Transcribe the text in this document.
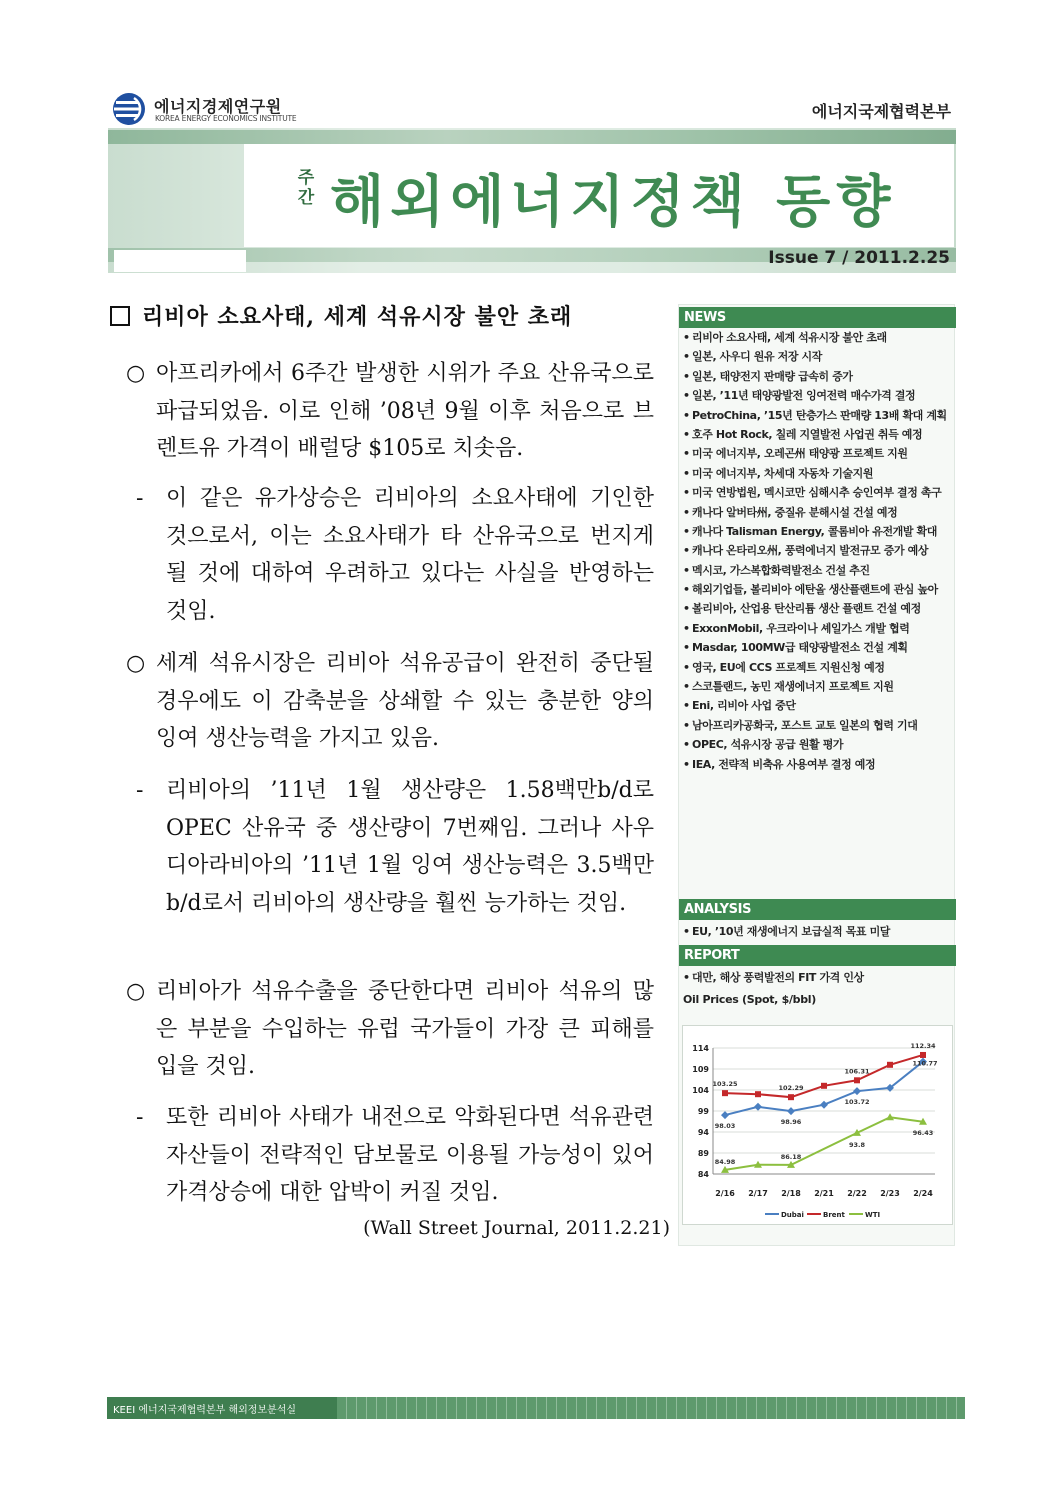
에너지경제연구원
KOREA ENERGY ECONOMICS INSTITUTE	에너지국제협력본부
주간 해외에너지정책 동향
Issue 7 / 2011.2.25
리비아 소요사태, 세계 석유시장 불안 초래
○ 아프리카에서 6주간 발생한 시위가 주요 산유국으로 파급되었음. 이로 인해 ’08년 9월 이후 처음으로 브렌트유 가격이 배럴당 $105로 치솟음.
- 이 같은 유가상승은 리비아의 소요사태에 기인한 것으로서, 이는 소요사태가 타 산유국으로 번지게 될 것에 대하여 우려하고 있다는 사실을 반영하는 것임.
○ 세계 석유시장은 리비아 석유공급이 완전히 중단될 경우에도 이 감축분을 상쇄할 수 있는 충분한 양의 잉여 생산능력을 가지고 있음.
- 리비아의 ’11년 1월 생산량은 1.58백만b/d로 OPEC 산유국 중 생산량이 7번째임. 그러나 사우디아라비아의 ’11년 1월 잉여 생산능력은 3.5백만b/d로서 리비아의 생산량을 훨씬 능가하는 것임.
○ 리비아가 석유수출을 중단한다면 리비아 석유의 많은 부분을 수입하는 유럽 국가들이 가장 큰 피해를 입을 것임.
- 또한 리비아 사태가 내전으로 악화된다면 석유관련 자산들이 전략적인 담보물로 이용될 가능성이 있어 가격상승에 대한 압박이 커질 것임.
(Wall Street Journal, 2011.2.21)
NEWS
• 리비아 소요사태, 세계 석유시장 불안 초래
• 일본, 사우디 원유 저장 시작
• 일본, 태양전지 판매량 급속히 증가
• 일본, ’11년 태양광발전 잉여전력 매수가격 결정
• PetroChina, ’15년 탄층가스 판매량 13배 확대 계획
• 호주 Hot Rock, 칠레 지열발전 사업권 취득 예정
• 미국 에너지부, 오레곤州 태양광 프로젝트 지원
• 미국 에너지부, 차세대 자동차 기술지원
• 미국 연방법원, 멕시코만 심해시추 승인여부 결정 촉구
• 캐나다 알버타州, 중질유 분해시설 건설 예정
• 캐나다 Talisman Energy, 콜롬비아 유전개발 확대
• 캐나다 온타리오州, 풍력에너지 발전규모 증가 예상
• 멕시코, 가스복합화력발전소 건설 추진
• 해외기업들, 볼리비아 에탄올 생산플랜트에 관심 높아
• 볼리비아, 산업용 탄산리튬 생산 플랜트 건설 예정
• ExxonMobil, 우크라이나 셰일가스 개발 협력
• Masdar, 100MW급 태양광발전소 건설 계획
• 영국, EU에 CCS 프로젝트 지원신청 예정
• 스코틀랜드, 농민 재생에너지 프로젝트 지원
• Eni, 리비아 사업 중단
• 남아프리카공화국, 포스트 교토 일본의 협력 기대
• OPEC, 석유시장 공급 원활 평가
• IEA, 전략적 비축유 사용여부 결정 예정
ANALYSIS
• EU, ’10년 재생에너지 보급실적 목표 미달
REPORT
• 대만, 해상 풍력발전의 FIT 가격 인상
Oil Prices (Spot, $/bbl)
84
89
94
99
104
109
114
2/16 2/17 2/18 2/21 2/22 2/23 2/24
103.25
102.29
106.31
112.34
98.03	98.96
103.72
110.77
84.98
86.18
93.8
96.43
Dubai	Brent	WTI
KEEI 에너지국제협력본부 해외정보분석실
